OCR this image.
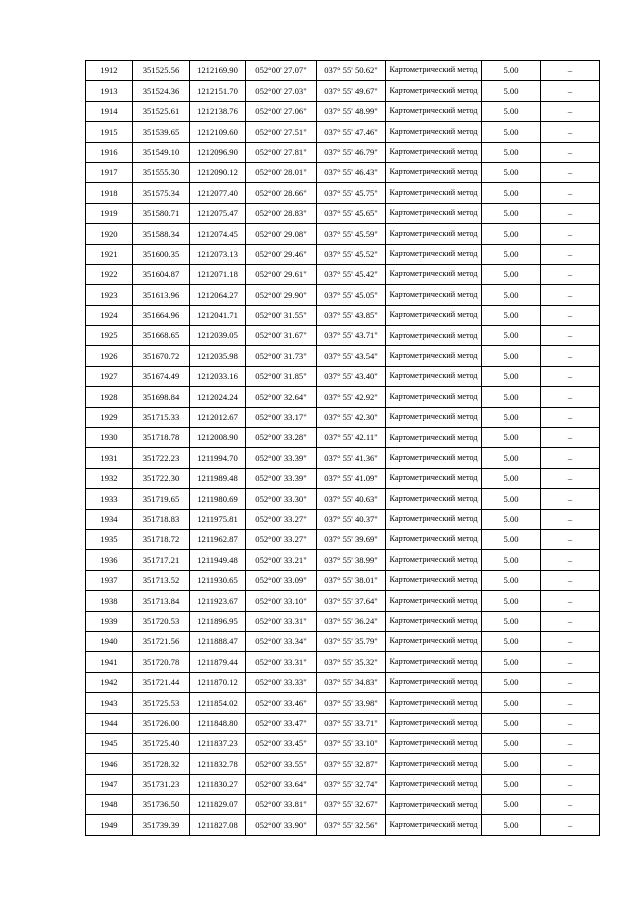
1912	351525.56	1212169.90	052°00' 27.07"	037° 55' 50.62"	Картометрический метод	5.00	–
1913	351524.36	1212151.70	052°00' 27.03"	037° 55' 49.67"	Картометрический метод	5.00	–
1914	351525.61	1212138.76	052°00' 27.06"	037° 55' 48.99"	Картометрический метод	5.00	–
1915	351539.65	1212109.60	052°00' 27.51"	037° 55' 47.46"	Картометрический метод	5.00	–
1916	351549.10	1212096.90	052°00' 27.81"	037° 55' 46.79"	Картометрический метод	5.00	–
1917	351555.30	1212090.12	052°00' 28.01"	037° 55' 46.43"	Картометрический метод	5.00	–
1918	351575.34	1212077.40	052°00' 28.66"	037° 55' 45.75"	Картометрический метод	5.00	–
1919	351580.71	1212075.47	052°00' 28.83"	037° 55' 45.65"	Картометрический метод	5.00	–
1920	351588.34	1212074.45	052°00' 29.08"	037° 55' 45.59"	Картометрический метод	5.00	–
1921	351600.35	1212073.13	052°00' 29.46"	037° 55' 45.52"	Картометрический метод	5.00	–
1922	351604.87	1212071.18	052°00' 29.61"	037° 55' 45.42"	Картометрический метод	5.00	–
1923	351613.96	1212064.27	052°00' 29.90"	037° 55' 45.05"	Картометрический метод	5.00	–
1924	351664.96	1212041.71	052°00' 31.55"	037° 55' 43.85"	Картометрический метод	5.00	–
1925	351668.65	1212039.05	052°00' 31.67"	037° 55' 43.71"	Картометрический метод	5.00	–
1926	351670.72	1212035.98	052°00' 31.73"	037° 55' 43.54"	Картометрический метод	5.00	–
1927	351674.49	1212033.16	052°00' 31.85"	037° 55' 43.40"	Картометрический метод	5.00	–
1928	351698.84	1212024.24	052°00' 32.64"	037° 55' 42.92"	Картометрический метод	5.00	–
1929	351715.33	1212012.67	052°00' 33.17"	037° 55' 42.30"	Картометрический метод	5.00	–
1930	351718.78	1212008.90	052°00' 33.28"	037° 55' 42.11"	Картометрический метод	5.00	–
1931	351722.23	1211994.70	052°00' 33.39"	037° 55' 41.36"	Картометрический метод	5.00	–
1932	351722.30	1211989.48	052°00' 33.39"	037° 55' 41.09"	Картометрический метод	5.00	–
1933	351719.65	1211980.69	052°00' 33.30"	037° 55' 40.63"	Картометрический метод	5.00	–
1934	351718.83	1211975.81	052°00' 33.27"	037° 55' 40.37"	Картометрический метод	5.00	–
1935	351718.72	1211962.87	052°00' 33.27"	037° 55' 39.69"	Картометрический метод	5.00	–
1936	351717.21	1211949.48	052°00' 33.21"	037° 55' 38.99"	Картометрический метод	5.00	–
1937	351713.52	1211930.65	052°00' 33.09"	037° 55' 38.01"	Картометрический метод	5.00	–
1938	351713.84	1211923.67	052°00' 33.10"	037° 55' 37.64"	Картометрический метод	5.00	–
1939	351720.53	1211896.95	052°00' 33.31"	037° 55' 36.24"	Картометрический метод	5.00	–
1940	351721.56	1211888.47	052°00' 33.34"	037° 55' 35.79"	Картометрический метод	5.00	–
1941	351720.78	1211879.44	052°00' 33.31"	037° 55' 35.32"	Картометрический метод	5.00	–
1942	351721.44	1211870.12	052°00' 33.33"	037° 55' 34.83"	Картометрический метод	5.00	–
1943	351725.53	1211854.02	052°00' 33.46"	037° 55' 33.98"	Картометрический метод	5.00	–
1944	351726.00	1211848.80	052°00' 33.47"	037° 55' 33.71"	Картометрический метод	5.00	–
1945	351725.40	1211837.23	052°00' 33.45"	037° 55' 33.10"	Картометрический метод	5.00	–
1946	351728.32	1211832.78	052°00' 33.55"	037° 55' 32.87"	Картометрический метод	5.00	–
1947	351731.23	1211830.27	052°00' 33.64"	037° 55' 32.74"	Картометрический метод	5.00	–
1948	351736.50	1211829.07	052°00' 33.81"	037° 55' 32.67"	Картометрический метод	5.00	–
1949	351739.39	1211827.08	052°00' 33.90"	037° 55' 32.56"	Картометрический метод	5.00	–
